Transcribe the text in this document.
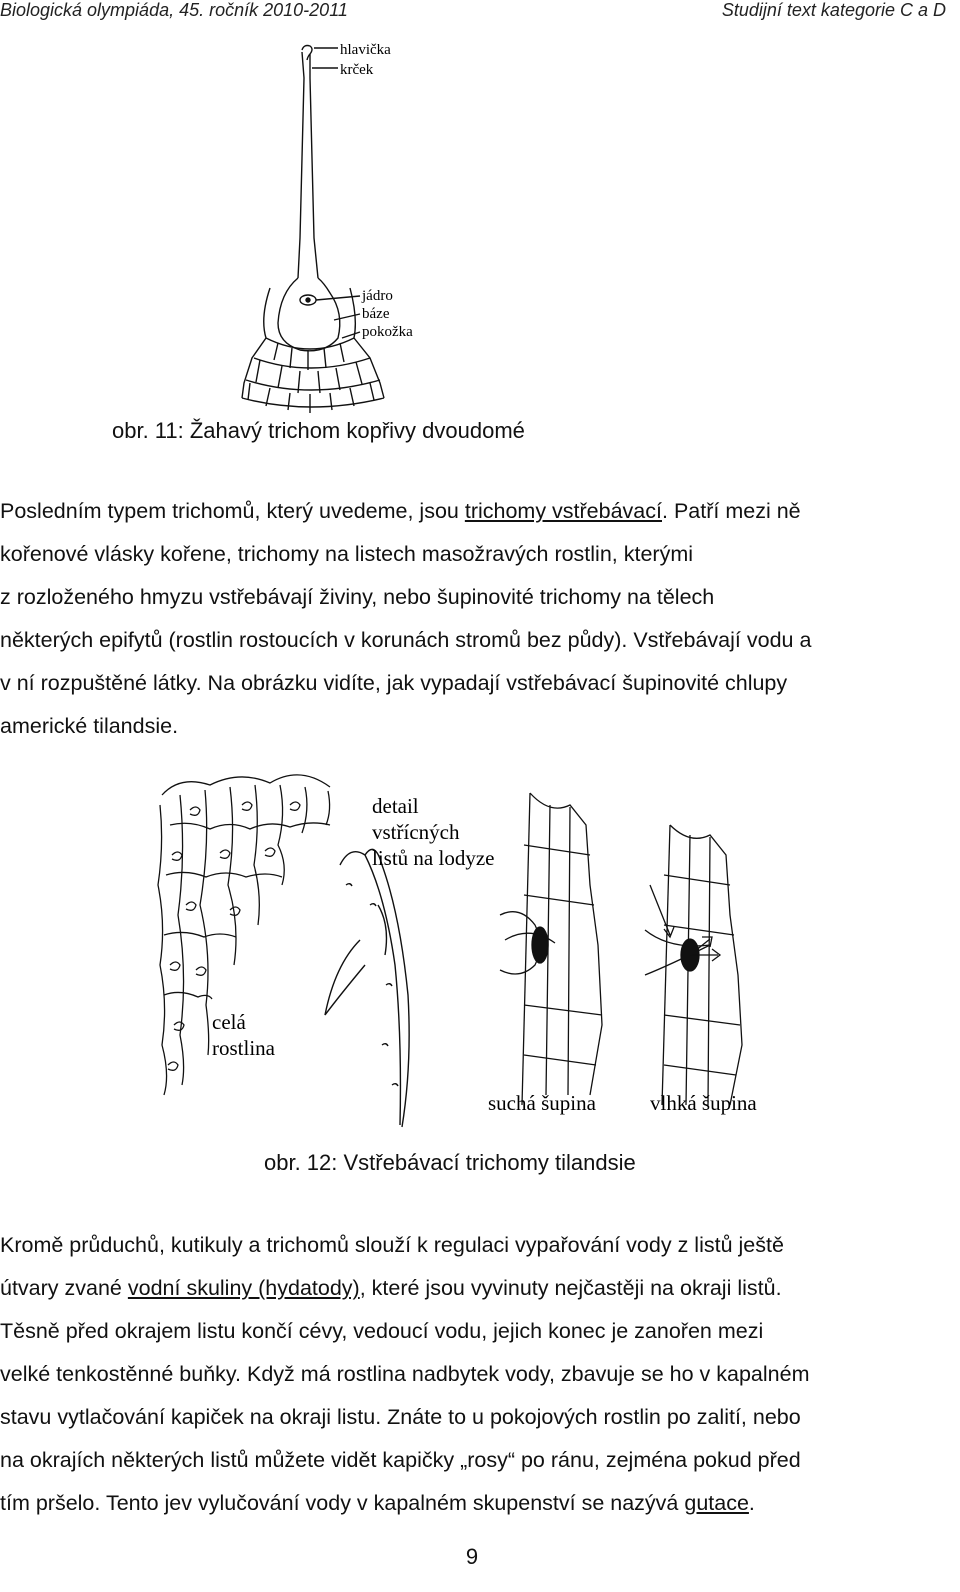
Biologická olympiáda, 45. ročník 2010-2011	Studijní text kategorie C a D
hlavička
krček
jádro
báze
pokožka
obr. 11: Žahavý trichom kopřivy dvoudomé
Posledním typem trichomů, který uvedeme, jsou trichomy vstřebávací. Patří mezi ně
kořenové vlásky kořene, trichomy na listech masožravých rostlin, kterými
z rozloženého hmyzu vstřebávají živiny, nebo šupinovité trichomy na tělech
některých epifytů (rostlin rostoucích v korunách stromů bez půdy). Vstřebávají vodu a
v ní rozpuštěné látky. Na obrázku vidíte, jak vypadají vstřebávací šupinovité chlupy
americké tilandsie.
detail
vstřícných
listů na lodyze
celá
rostlina
suchá šupina	vlhká šupina
obr. 12: Vstřebávací trichomy tilandsie
Kromě průduchů, kutikuly a trichomů slouží k regulaci vypařování vody z listů ještě
útvary zvané vodní skuliny (hydatody), které jsou vyvinuty nejčastěji na okraji listů.
Těsně před okrajem listu končí cévy, vedoucí vodu, jejich konec je zanořen mezi
velké tenkostěnné buňky. Když má rostlina nadbytek vody, zbavuje se ho v kapalném
stavu vytlačování kapiček na okraji listu. Znáte to u pokojových rostlin po zalití, nebo
na okrajích některých listů můžete vidět kapičky „rosy“ po ránu, zejména pokud před
tím pršelo. Tento jev vylučování vody v kapalném skupenství se nazývá gutace.
9
